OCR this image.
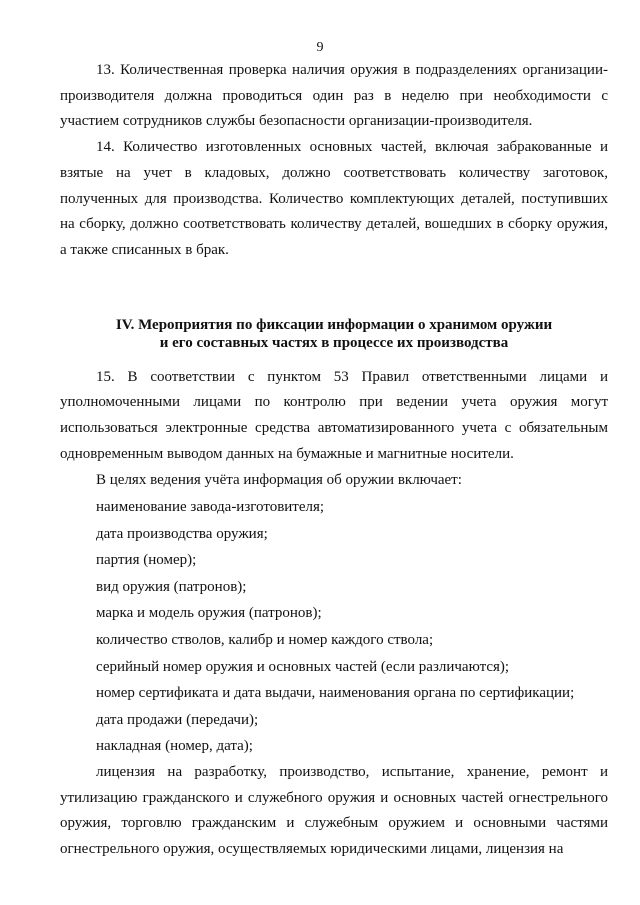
9

13. Количественная проверка наличия оружия в подразделениях организации-производителя должна проводиться один раз в неделю при необходимости с участием сотрудников службы безопасности организации-производителя.

14. Количество изготовленных основных частей, включая забракованные и взятые на учет в кладовых, должно соответствовать количеству заготовок, полученных для производства. Количество комплектующих деталей, поступивших на сборку, должно соответствовать количеству деталей, вошедших в сборку оружия, а также списанных в брак.

IV. Мероприятия по фиксации информации о хранимом оружии
и его составных частях в процессе их производства

15. В соответствии с пунктом 53 Правил ответственными лицами и уполномоченными лицами по контролю при ведении учета оружия могут использоваться электронные средства автоматизированного учета с обязательным одновременным выводом данных на бумажные и магнитные носители.

В целях ведения учёта информация об оружии включает:

наименование завода-изготовителя;

дата производства оружия;

партия (номер);

вид оружия (патронов);

марка и модель оружия (патронов);

количество стволов, калибр и номер каждого ствола;

серийный номер оружия и основных частей (если различаются);

номер сертификата и дата выдачи, наименования органа по сертификации;

дата продажи (передачи);

накладная (номер, дата);

лицензия на разработку, производство, испытание, хранение, ремонт и утилизацию гражданского и служебного оружия и основных частей огнестрельного оружия, торговлю гражданским и служебным оружием и основными частями огнестрельного оружия, осуществляемых юридическими лицами, лицензия на
